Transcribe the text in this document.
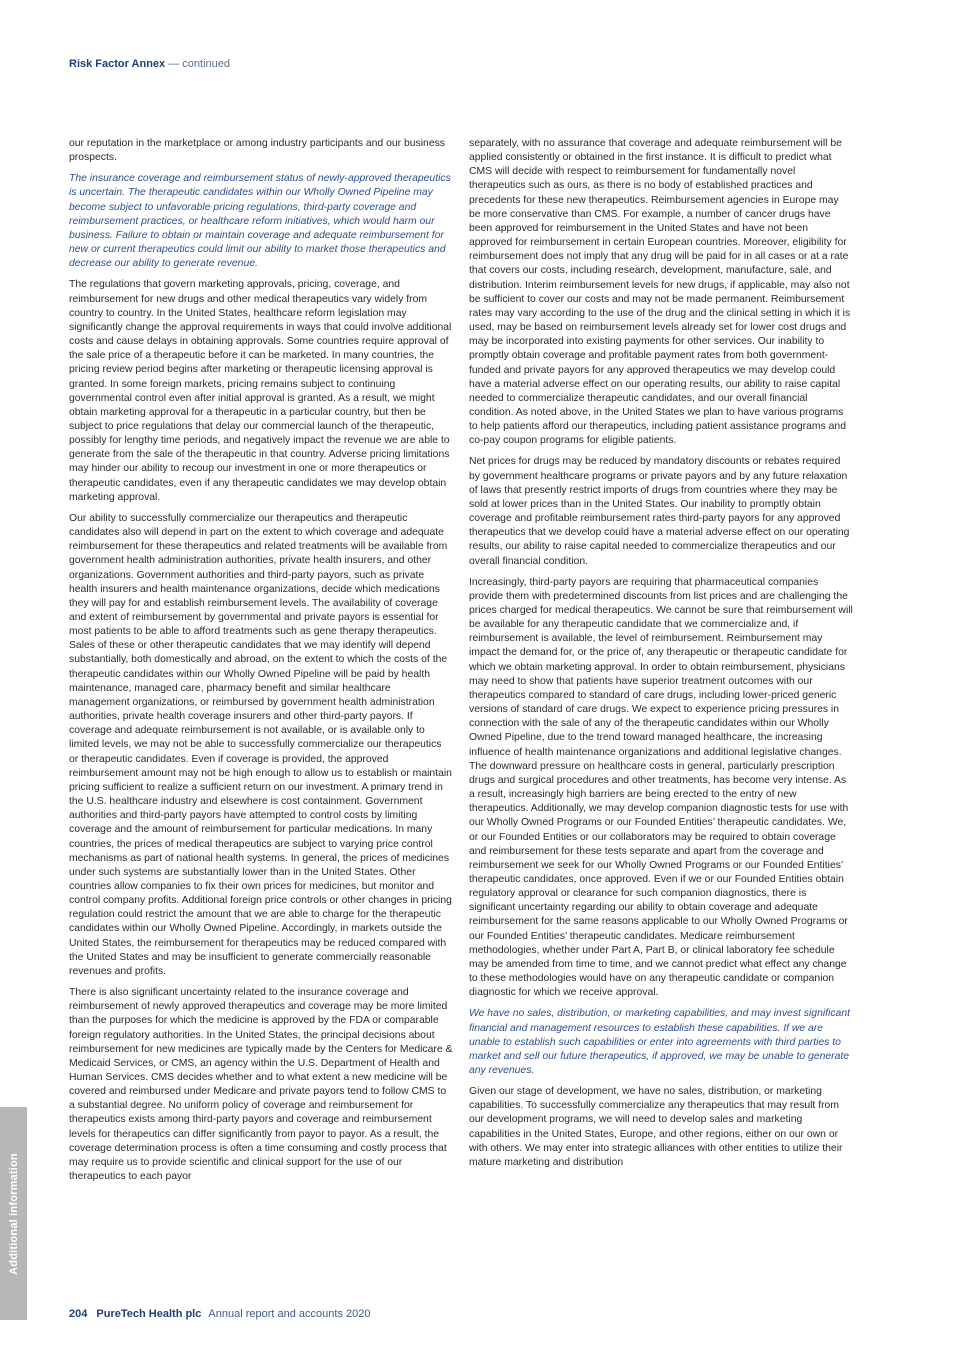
Risk Factor Annex — continued

our reputation in the marketplace or among industry participants and our business prospects.

The insurance coverage and reimbursement status of newly-approved therapeutics is uncertain. The therapeutic candidates within our Wholly Owned Pipeline may become subject to unfavorable pricing regulations, third-party coverage and reimbursement practices, or healthcare reform initiatives, which would harm our business. Failure to obtain or maintain coverage and adequate reimbursement for new or current therapeutics could limit our ability to market those therapeutics and decrease our ability to generate revenue.

The regulations that govern marketing approvals, pricing, coverage, and reimbursement for new drugs and other medical therapeutics vary widely from country to country. In the United States, healthcare reform legislation may significantly change the approval requirements in ways that could involve additional costs and cause delays in obtaining approvals. Some countries require approval of the sale price of a therapeutic before it can be marketed. In many countries, the pricing review period begins after marketing or therapeutic licensing approval is granted. In some foreign markets, pricing remains subject to continuing governmental control even after initial approval is granted. As a result, we might obtain marketing approval for a therapeutic in a particular country, but then be subject to price regulations that delay our commercial launch of the therapeutic, possibly for lengthy time periods, and negatively impact the revenue we are able to generate from the sale of the therapeutic in that country. Adverse pricing limitations may hinder our ability to recoup our investment in one or more therapeutics or therapeutic candidates, even if any therapeutic candidates we may develop obtain marketing approval.

Our ability to successfully commercialize our therapeutics and therapeutic candidates also will depend in part on the extent to which coverage and adequate reimbursement for these therapeutics and related treatments will be available from government health administration authorities, private health insurers, and other organizations. Government authorities and third-party payors, such as private health insurers and health maintenance organizations, decide which medications they will pay for and establish reimbursement levels. The availability of coverage and extent of reimbursement by governmental and private payors is essential for most patients to be able to afford treatments such as gene therapy therapeutics. Sales of these or other therapeutic candidates that we may identify will depend substantially, both domestically and abroad, on the extent to which the costs of the therapeutic candidates within our Wholly Owned Pipeline will be paid by health maintenance, managed care, pharmacy benefit and similar healthcare management organizations, or reimbursed by government health administration authorities, private health coverage insurers and other third-party payors. If coverage and adequate reimbursement is not available, or is available only to limited levels, we may not be able to successfully commercialize our therapeutics or therapeutic candidates. Even if coverage is provided, the approved reimbursement amount may not be high enough to allow us to establish or maintain pricing sufficient to realize a sufficient return on our investment. A primary trend in the U.S. healthcare industry and elsewhere is cost containment. Government authorities and third-party payors have attempted to control costs by limiting coverage and the amount of reimbursement for particular medications. In many countries, the prices of medical therapeutics are subject to varying price control mechanisms as part of national health systems. In general, the prices of medicines under such systems are substantially lower than in the United States. Other countries allow companies to fix their own prices for medicines, but monitor and control company profits. Additional foreign price controls or other changes in pricing regulation could restrict the amount that we are able to charge for the therapeutic candidates within our Wholly Owned Pipeline. Accordingly, in markets outside the United States, the reimbursement for therapeutics may be reduced compared with the United States and may be insufficient to generate commercially reasonable revenues and profits.

There is also significant uncertainty related to the insurance coverage and reimbursement of newly approved therapeutics and coverage may be more limited than the purposes for which the medicine is approved by the FDA or comparable foreign regulatory authorities. In the United States, the principal decisions about reimbursement for new medicines are typically made by the Centers for Medicare & Medicaid Services, or CMS, an agency within the U.S. Department of Health and Human Services. CMS decides whether and to what extent a new medicine will be covered and reimbursed under Medicare and private payors tend to follow CMS to a substantial degree. No uniform policy of coverage and reimbursement for therapeutics exists among third-party payors and coverage and reimbursement levels for therapeutics can differ significantly from payor to payor. As a result, the coverage determination process is often a time consuming and costly process that may require us to provide scientific and clinical support for the use of our therapeutics to each payor

separately, with no assurance that coverage and adequate reimbursement will be applied consistently or obtained in the first instance. It is difficult to predict what CMS will decide with respect to reimbursement for fundamentally novel therapeutics such as ours, as there is no body of established practices and precedents for these new therapeutics. Reimbursement agencies in Europe may be more conservative than CMS. For example, a number of cancer drugs have been approved for reimbursement in the United States and have not been approved for reimbursement in certain European countries. Moreover, eligibility for reimbursement does not imply that any drug will be paid for in all cases or at a rate that covers our costs, including research, development, manufacture, sale, and distribution. Interim reimbursement levels for new drugs, if applicable, may also not be sufficient to cover our costs and may not be made permanent. Reimbursement rates may vary according to the use of the drug and the clinical setting in which it is used, may be based on reimbursement levels already set for lower cost drugs and may be incorporated into existing payments for other services. Our inability to promptly obtain coverage and profitable payment rates from both government-funded and private payors for any approved therapeutics we may develop could have a material adverse effect on our operating results, our ability to raise capital needed to commercialize therapeutic candidates, and our overall financial condition. As noted above, in the United States we plan to have various programs to help patients afford our therapeutics, including patient assistance programs and co-pay coupon programs for eligible patients.

Net prices for drugs may be reduced by mandatory discounts or rebates required by government healthcare programs or private payors and by any future relaxation of laws that presently restrict imports of drugs from countries where they may be sold at lower prices than in the United States. Our inability to promptly obtain coverage and profitable reimbursement rates third-party payors for any approved therapeutics that we develop could have a material adverse effect on our operating results, our ability to raise capital needed to commercialize therapeutics and our overall financial condition.

Increasingly, third-party payors are requiring that pharmaceutical companies provide them with predetermined discounts from list prices and are challenging the prices charged for medical therapeutics. We cannot be sure that reimbursement will be available for any therapeutic candidate that we commercialize and, if reimbursement is available, the level of reimbursement. Reimbursement may impact the demand for, or the price of, any therapeutic or therapeutic candidate for which we obtain marketing approval. In order to obtain reimbursement, physicians may need to show that patients have superior treatment outcomes with our therapeutics compared to standard of care drugs, including lower-priced generic versions of standard of care drugs. We expect to experience pricing pressures in connection with the sale of any of the therapeutic candidates within our Wholly Owned Pipeline, due to the trend toward managed healthcare, the increasing influence of health maintenance organizations and additional legislative changes. The downward pressure on healthcare costs in general, particularly prescription drugs and surgical procedures and other treatments, has become very intense. As a result, increasingly high barriers are being erected to the entry of new therapeutics. Additionally, we may develop companion diagnostic tests for use with our Wholly Owned Programs or our Founded Entities’ therapeutic candidates. We, or our Founded Entities or our collaborators may be required to obtain coverage and reimbursement for these tests separate and apart from the coverage and reimbursement we seek for our Wholly Owned Programs or our Founded Entities’ therapeutic candidates, once approved. Even if we or our Founded Entities obtain regulatory approval or clearance for such companion diagnostics, there is significant uncertainty regarding our ability to obtain coverage and adequate reimbursement for the same reasons applicable to our Wholly Owned Programs or our Founded Entities’ therapeutic candidates. Medicare reimbursement methodologies, whether under Part A, Part B, or clinical laboratory fee schedule may be amended from time to time, and we cannot predict what effect any change to these methodologies would have on any therapeutic candidate or companion diagnostic for which we receive approval.

We have no sales, distribution, or marketing capabilities, and may invest significant financial and management resources to establish these capabilities. If we are unable to establish such capabilities or enter into agreements with third parties to market and sell our future therapeutics, if approved, we may be unable to generate any revenues.

Given our stage of development, we have no sales, distribution, or marketing capabilities. To successfully commercialize any therapeutics that may result from our development programs, we will need to develop sales and marketing capabilities in the United States, Europe, and other regions, either on our own or with others. We may enter into strategic alliances with other entities to utilize their mature marketing and distribution

Additional information
204 PureTech Health plc Annual report and accounts 2020
